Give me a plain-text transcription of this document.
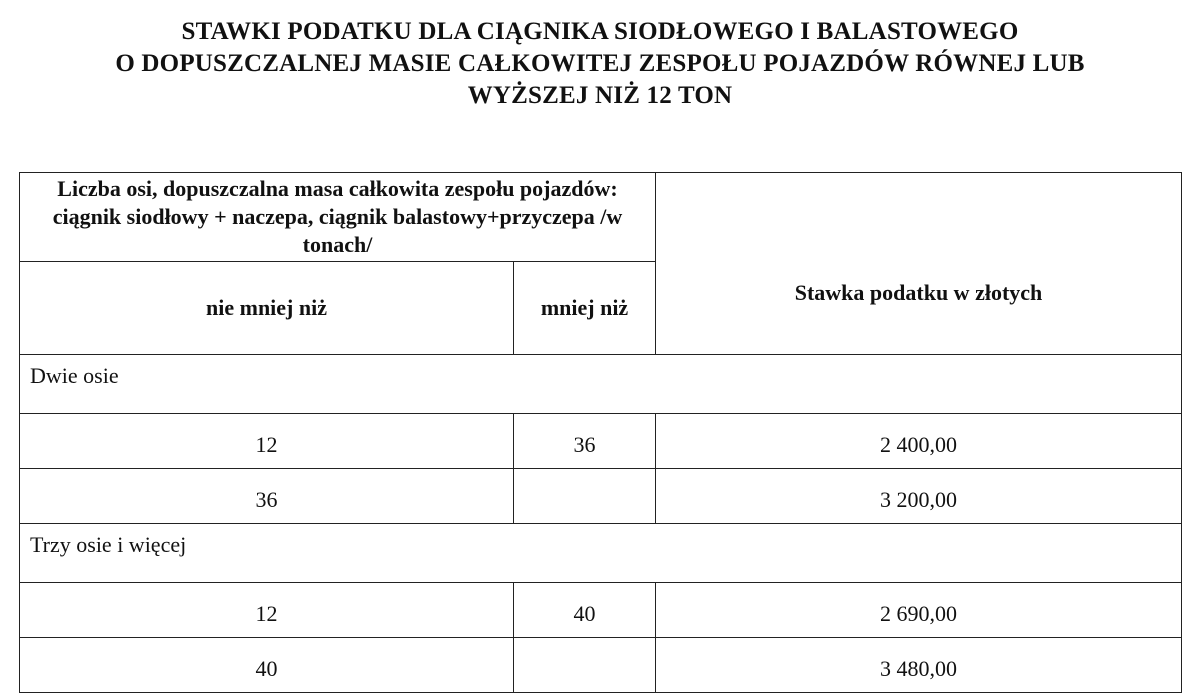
STAWKI PODATKU DLA CIĄGNIKA SIODŁOWEGO I BALASTOWEGO
O DOPUSZCZALNEJ MASIE CAŁKOWITEJ ZESPOŁU POJAZDÓW RÓWNEJ LUB
WYŻSZEJ NIŻ 12 TON
Liczba osi, dopuszczalna masa całkowita zespołu pojazdów: ciągnik siodłowy + naczepa, ciągnik balastowy+przyczepa /w tonach/		Stawka podatku w złotych
nie mniej niż	mniej niż	
Dwie osie		
12	36	2 400,00
36		3 200,00
Trzy osie i więcej		
12	40	2 690,00
40		3 480,00
